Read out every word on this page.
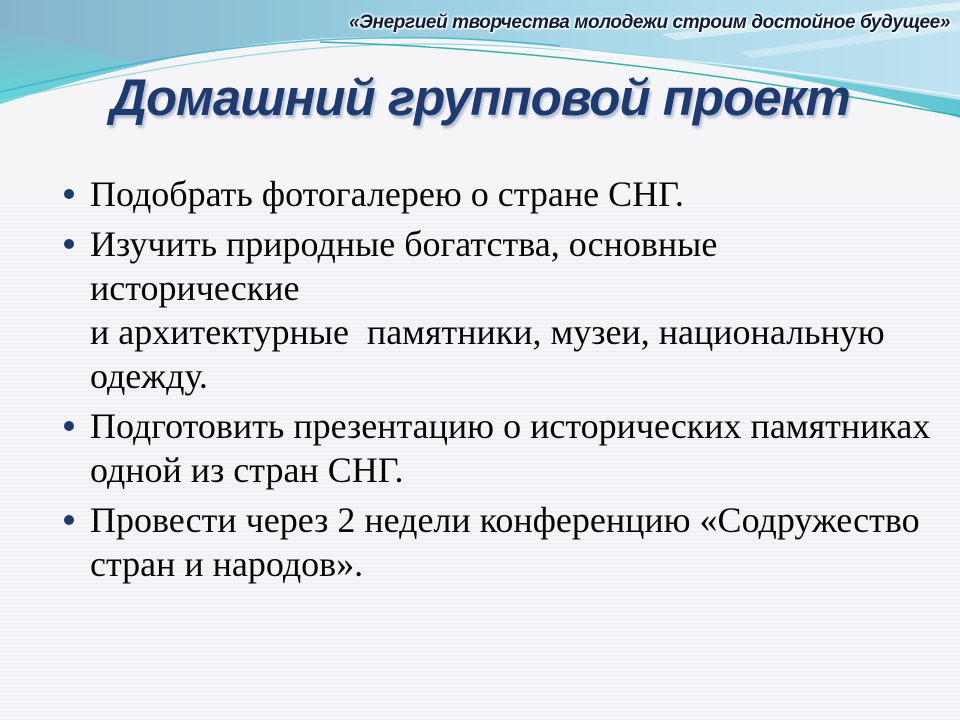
«Энергией творчества молодежи строим достойное будущее»
Домашний групповой проект
Подобрать фотогалерею о стране СНГ.
Изучить природные богатства, основные исторические
и архитектурные  памятники, музеи, национальную
одежду.
Подготовить презентацию о исторических памятниках
одной из стран СНГ.
Провести через 2 недели конференцию «Содружество
стран и народов».
